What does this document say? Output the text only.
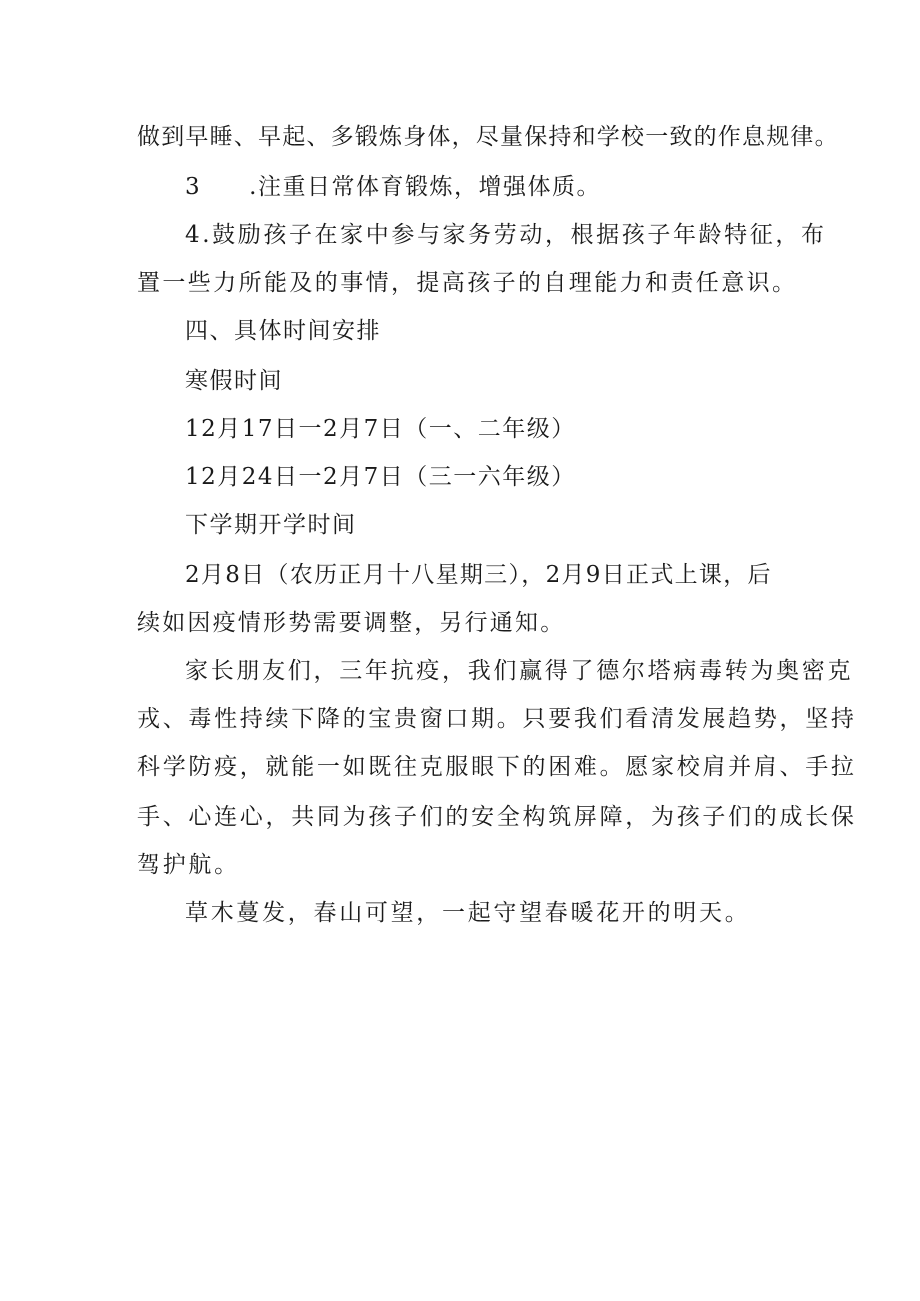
做到早睡、早起、多锻炼身体，尽量保持和学校一致的作息规律。
3 .注重日常体育锻炼，增强体质。
4.鼓励孩子在家中参与家务劳动，根据孩子年龄特征，布
置一些力所能及的事情，提高孩子的自理能力和责任意识。
四、具体时间安排
寒假时间
12月17日一2月7日（一、二年级）
12月24日一2月7日（三一六年级）
下学期开学时间
2月8日（农历正月十八星期三），2月9日正式上课，后
续如因疫情形势需要调整，另行通知。
家长朋友们，三年抗疫，我们赢得了德尔塔病毒转为奥密克
戎、毒性持续下降的宝贵窗口期。只要我们看清发展趋势，坚持
科学防疫，就能一如既往克服眼下的困难。愿家校肩并肩、手拉
手、心连心，共同为孩子们的安全构筑屏障，为孩子们的成长保
驾护航。
草木蔓发，春山可望，一起守望春暖花开的明天。
